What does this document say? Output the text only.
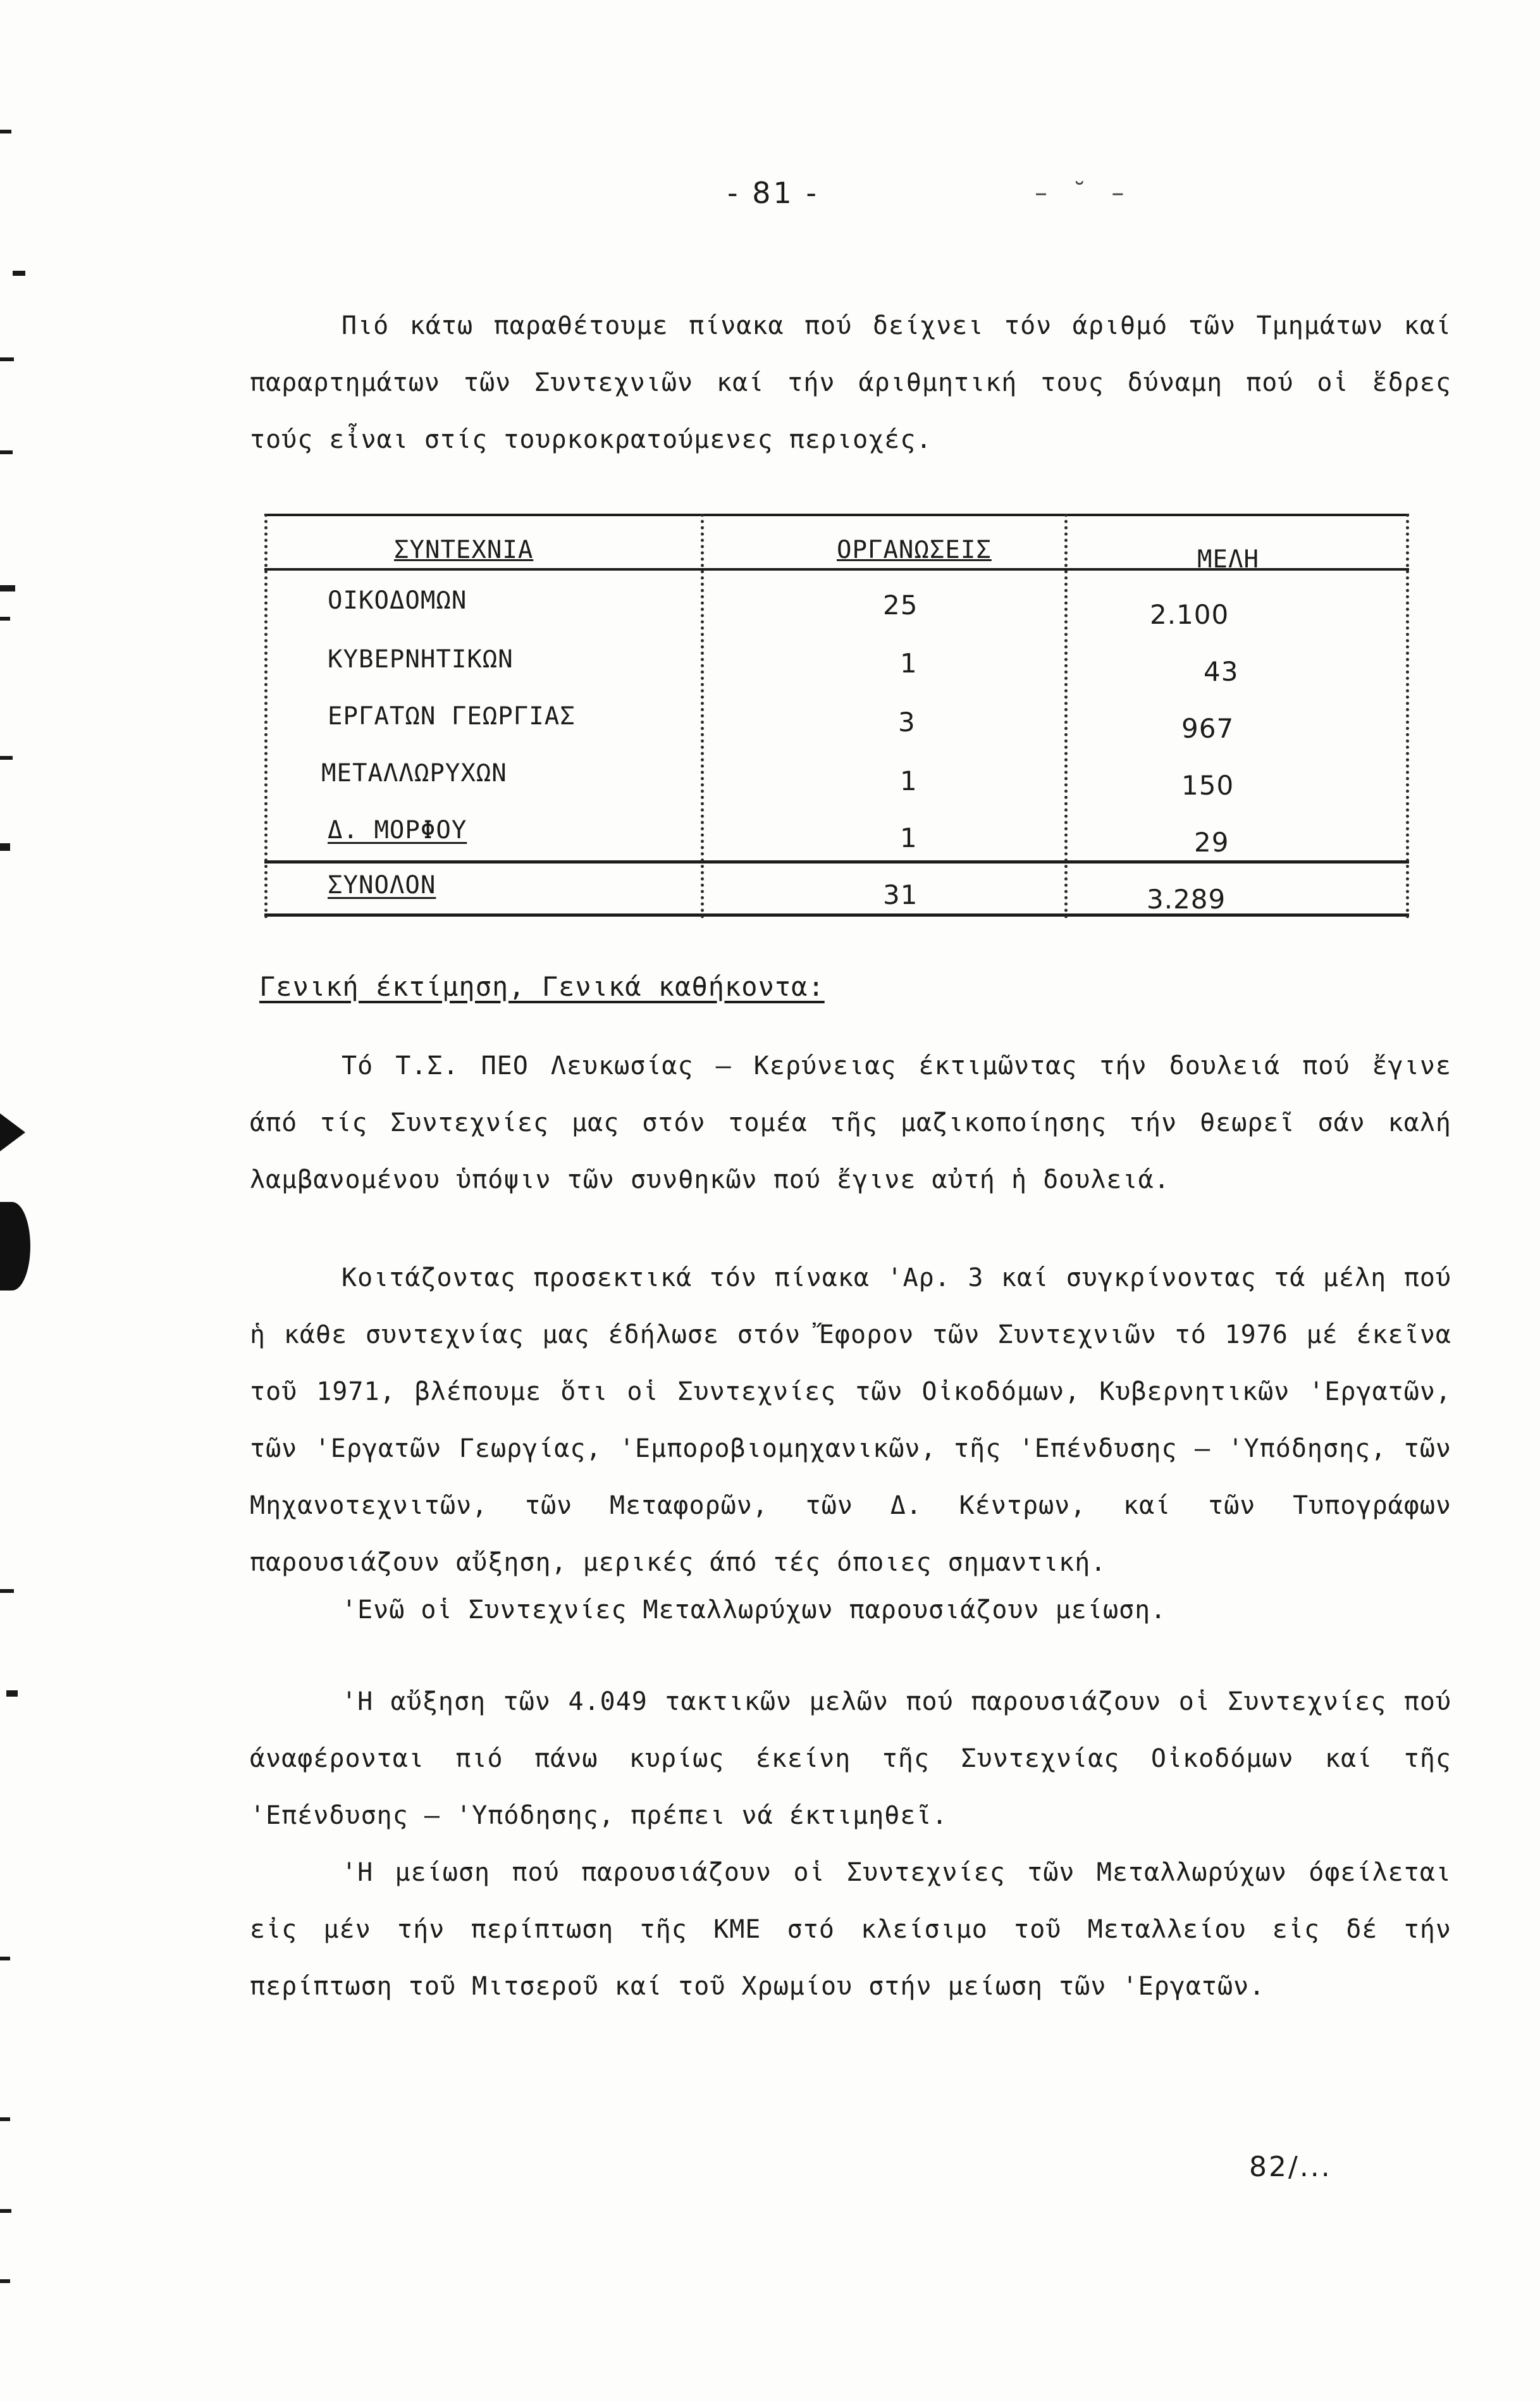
- 81 -	– ˘ –
Πιό κάτω παραθέτουμε πίνακα πού δείχνει τόν άριθμό τῶν Τμημάτων καί παραρτημάτων τῶν Συντεχνιῶν καί τήν άριθμητική τους δύναμη πού οἱ ἕδρες τούς εἶναι στίς τουρκοκρατούμενες περιοχές.
ΣΥΝΤΕΧΝΙΑ	ΟΡΓΑΝΩΣΕΙΣ	ΜΕΛΗ
ΟΙΚΟΔΟΜΩΝ	25	2.100
ΚΥΒΕΡΝΗΤΙΚΩΝ	1	43
ΕΡΓΑΤΩΝ ΓΕΩΡΓΙΑΣ	3	967
ΜΕΤΑΛΛΩΡΥΧΩΝ	1	150
Δ. ΜΟΡΦΟΥ	1	29
ΣΥΝΟΛΟΝ	31	3.289
Γενική έκτίμηση, Γενικά καθήκοντα:
Τό Τ.Σ. ΠΕΟ Λευκωσίας – Κερύνειας έκτιμῶντας τήν δουλειά πού ἔγινε άπό τίς Συντεχνίες μας στόν τομέα τῆς μαζικοποίησης τήν θεωρεῖ σάν καλή λαμβανομένου ὑπόψιν τῶν συνθηκῶν πού ἔγινε αὐτή ἡ δουλειά.
Κοιτάζοντας προσεκτικά τόν πίνακα 'Αρ. 3 καί συγκρίνοντας τά μέλη πού ἡ κάθε συντεχνίας μας έδήλωσε στόν Ἔφορον τῶν Συντεχνιῶν τό 1976 μέ έκεῖνα τοῦ 1971, βλέπουμε ὅτι οἱ Συντεχνίες τῶν Οἰκοδόμων, Κυβερνητικῶν 'Εργατῶν, τῶν 'Εργατῶν Γεωργίας, 'Εμποροβιομηχανικῶν, τῆς 'Επένδυσης – 'Υπόδησης, τῶν Μηχανοτεχνιτῶν, τῶν Μεταφορῶν, τῶν Δ. Κέντρων, καί τῶν Τυπογράφων παρουσιάζουν αὔξηση, μερικές άπό τές όποιες σημαντική.
'Ενῶ οἱ Συντεχνίες Μεταλλωρύχων παρουσιάζουν μείωση.
'Η αὔξηση τῶν 4.049 τακτικῶν μελῶν πού παρουσιάζουν οἱ Συντεχνίες πού άναφέρονται πιό πάνω κυρίως έκείνη τῆς Συντεχνίας Οἰκοδόμων καί τῆς 'Επένδυσης – 'Υπόδησης, πρέπει νά έκτιμηθεῖ.
'Η μείωση πού παρουσιάζουν οἱ Συντεχνίες τῶν Μεταλλωρύχων όφείλεται εἰς μέν τήν περίπτωση τῆς ΚΜΕ στό κλείσιμο τοῦ Μεταλλείου εἰς δέ τήν περίπτωση τοῦ Μιτσεροῦ καί τοῦ Χρωμίου στήν μείωση τῶν 'Εργατῶν.
82/...
